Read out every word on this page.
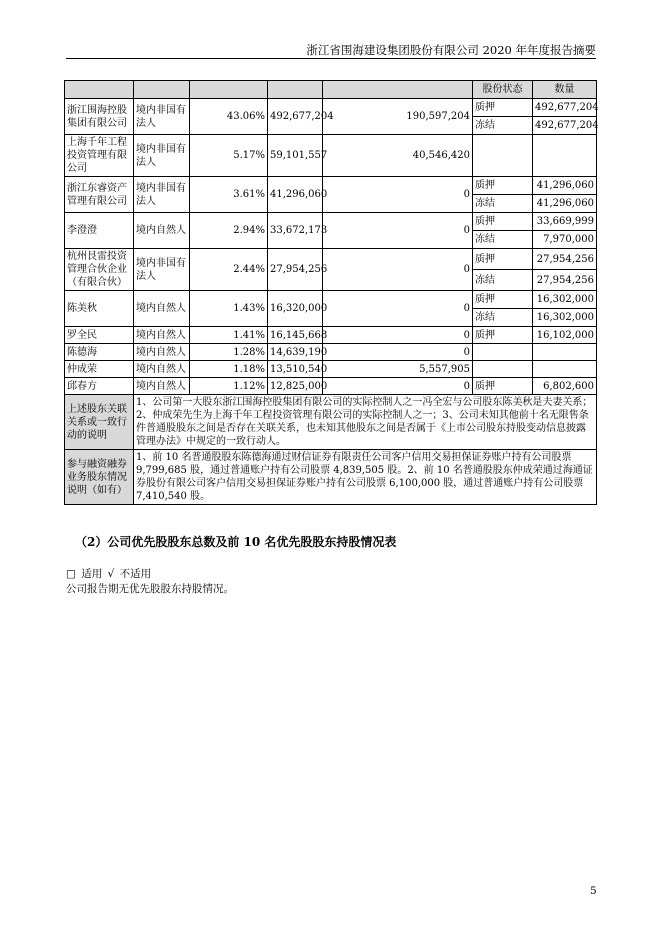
浙江省围海建设集团股份有限公司 2020 年年度报告摘要
					股份状态	数量
浙江围海控股集团有限公司	境内非国有法人	43.06%	492,677,204	190,597,204	质押	492,677,204
					冻结	492,677,204
上海千年工程投资管理有限公司	境内非国有法人	5.17%	59,101,557	40,546,420		
浙江东睿资产管理有限公司	境内非国有法人	3.61%	41,296,060	0	质押	41,296,060
					冻结	41,296,060
李澄澄	境内自然人	2.94%	33,672,173	0	质押	33,669,999
					冻结	7,970,000
杭州艮雷投资管理合伙企业（有限合伙）	境内非国有法人	2.44%	27,954,256	0	质押	27,954,256
					冻结	27,954,256
陈美秋	境内自然人	1.43%	16,320,000	0	质押	16,302,000
					冻结	16,302,000
罗全民	境内自然人	1.41%	16,145,668	0	质押	16,102,000
陈德海	境内自然人	1.28%	14,639,190	0		
仲成荣	境内自然人	1.18%	13,510,540	5,557,905		
邱春方	境内自然人	1.12%	12,825,000	0	质押	6,802,600
上述股东关联关系或一致行动的说明	1、公司第一大股东浙江围海控股集团有限公司的实际控制人之一冯全宏与公司股东陈美秋是夫妻关系；2、仲成荣先生为上海千年工程投资管理有限公司的实际控制人之一；3、公司未知其他前十名无限售条件普通股股东之间是否存在关联关系，也未知其他股东之间是否属于《上市公司股东持股变动信息披露管理办法》中规定的一致行动人。					
参与融资融券业务股东情况说明（如有）	1、前 10 名普通股股东陈德海通过财信证券有限责任公司客户信用交易担保证券账户持有公司股票 9,799,685 股，通过普通账户持有公司股票 4,839,505 股。2、前 10 名普通股股东仲成荣通过海通证券股份有限公司客户信用交易担保证券账户持有公司股票 6,100,000 股，通过普通账户持有公司股票 7,410,540 股。					
（2）公司优先股股东总数及前 10 名优先股股东持股情况表
□ 适用 √ 不适用
公司报告期无优先股股东持股情况。
5
